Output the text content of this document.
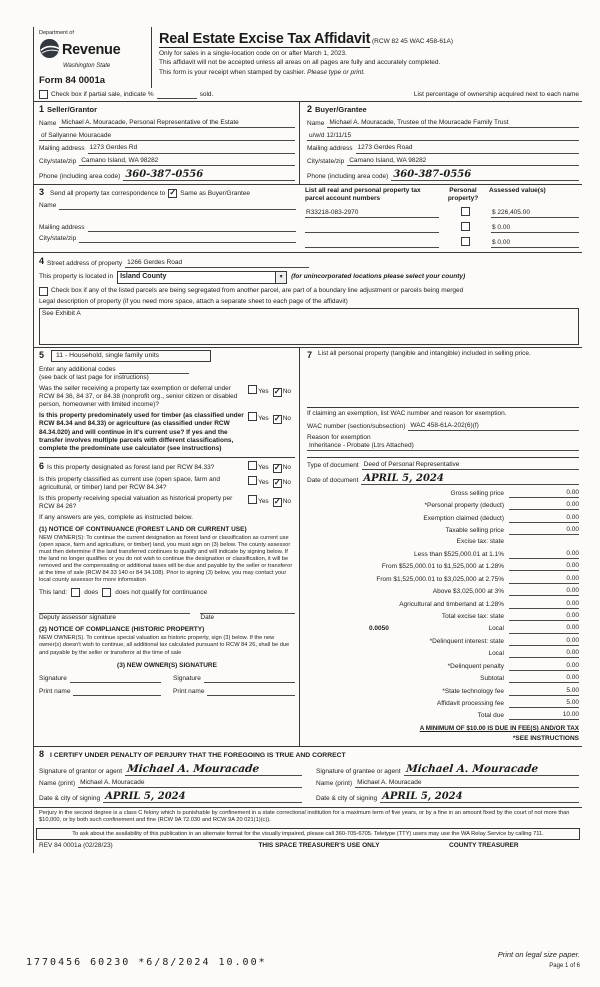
Department of
Revenue
Washington State
Form 84 0001a
Real Estate Excise Tax Affidavit (RCW 82 45 WAC 458-61A)
Only for sales in a single-location code on or after March 1, 2023.
This affidavit will not be accepted unless all areas on all pages are fully and accurately completed.
This form is your receipt when stamped by cashier. Please type or print.
Check box if partial sale, indicate %	sold.	List percentage of ownership acquired next to each name
1 Seller/Grantor
Name Michael A. Mouracade, Personal Representative of the Estate
of Sallyanne Mouracade
Mailing address 1273 Gerdes Rd
City/state/zip Camano Island, WA 98282
Phone (including area code) 360-387-0556
2 Buyer/Grantee
Name Michael A. Mouracade, Trustee of the Mouracade Family Trust
u/w/d 12/11/15
Mailing address 1273 Gerdes Road
City/state/zip Camano Island, WA 98282
Phone (including area code) 360-387-0556
3 Send all property tax correspondence to ✓ Same as Buyer/Grantee
Name
Mailing address
City/state/zip
List all real and personal property tax parcel account numbers
Personal property?
Assessed value(s)
R33218-083-2970	$ 226,405.00
$ 0.00
$ 0.00
4 Street address of property 1266 Gerdes Road
This property is located in Island County	▼	(for unincorporated locations please select your county)
Check box if any of the listed parcels are being segregated from another parcel, are part of a boundary line adjustment or parcels being merged
Legal description of property (if you need more space, attach a separate sheet to each page of the affidavit)
See Exhibit A
5	11 - Household, single family units
Enter any additional codes
(see back of last page for instructions)
Was the seller receiving a property tax exemption or deferral under RCW 84 36, 84 37, or 84.38 (nonprofit org., senior citizen or disabled person, homeowner with limited income)?
Yes ✓ No
Is this property predominately used for timber (as classified under RCW 84.34 and 84.33) or agriculture (as classified under RCW 84.34.020) and will continue in it's current use? If yes and the transfer involves multiple parcels with different classifications, complete the predominate use calculator (see instructions)
Yes ✓ No
6 Is this property designated as forest land per RCW 84.33?	Yes ✓ No
Is this property classified as current use (open space, farm and agricultural, or timber) land per RCW 84.34?
Yes ✓ No
Is this property receiving special valuation as historical property per RCW 84 26?
Yes ✓ No
If any answers are yes, complete as instructed below.
(1) NOTICE OF CONTINUANCE (FOREST LAND OR CURRENT USE)
NEW OWNER(S): To continue the current designation as forest land or classification as current use (open space, farm and agriculture, or timber) land, you must sign on (3) below. The county assessor must then determine if the land transferred continues to qualify and will indicate by signing below. If the land no longer qualifies or you do not wish to continue the designation or classification, it will be removed and the compensating or additional taxes will be due and payable by the seller or transferor at the time of sale (RCW 84 33 140 or 84 34.108). Prior to signing (3) below, you may contact your local county assessor for more information
This land:	does	does not qualify for continuance
Deputy assessor signature	Date
(2) NOTICE OF COMPLIANCE (HISTORIC PROPERTY)
NEW OWNER(S). To continue special valuation as historic property, sign (3) below. If the new owner(s) doesn't wish to continue, all additional tax calculated pursuant to RCW 84 26, shall be due and payable by the seller or transferor at the time of sale
(3) NEW OWNER(S) SIGNATURE
Signature	Signature
Print name	Print name
7 List all personal property (tangible and intangible) included in selling price.
If claiming an exemption, list WAC number and reason for exemption.
WAC number (section/subsection) WAC 458-61A-202(6)(f)
Reason for exemption
Inheritance - Probate (Ltrs Attached)
Type of document Deed of Personal Representative
Date of document APRIL 5, 2024
Gross selling price	0.00
*Personal property (deduct)	0.00
Exemption claimed (deduct)	0.00
Taxable selling price	0.00
Excise tax: state
Less than $525,000.01 at 1.1%	0.00
From $525,000.01 to $1,525,000 at 1.28%	0.00
From $1,525,000.01 to $3,025,000 at 2.75%	0.00
Above $3,025,000 at 3%	0.00
Agricultural and timberland at 1.28%	0.00
Total excise tax: state	0.00
0.0050	Local	0.00
*Delinquent interest: state	0.00
Local	0.00
*Delinquent penalty	0.00
Subtotal	0.00
*State technology fee	5.00
Affidavit processing fee	5.00
Total due	10.00
A MINIMUM OF $10.00 IS DUE IN FEE(S) AND/OR TAX
*SEE INSTRUCTIONS
8 I CERTIFY UNDER PENALTY OF PERJURY THAT THE FOREGOING IS TRUE AND CORRECT
Signature of grantor or agent Michael A. Mouracade
Name (print) Michael A. Mouracade
Date & city of signing APRIL 5, 2024
Signature of grantee or agent Michael A. Mouracade
Name (print) Michael A. Mouracade
Date & city of signing APRIL 5, 2024
Perjury in the second degree is a class C felony which is punishable by confinement in a state correctional institution for a maximum term of five years, or by a fine in an amount fixed by the court of not more than $10,000, or by both such confinement and fine (RCW 9A 72.030 and RCW 9A 20 021(1)(c)).
To ask about the availability of this publication in an alternate format for the visually impaired, please call 360-705-6705. Teletype (TTY) users may use the WA Relay Service by calling 711.
REV 84 0001a (02/28/23)	THIS SPACE TREASURER'S USE ONLY	COUNTY TREASURER
1770456 60230 *6/8/2024 10.00*
Print on legal size paper.
Page 1 of 6
